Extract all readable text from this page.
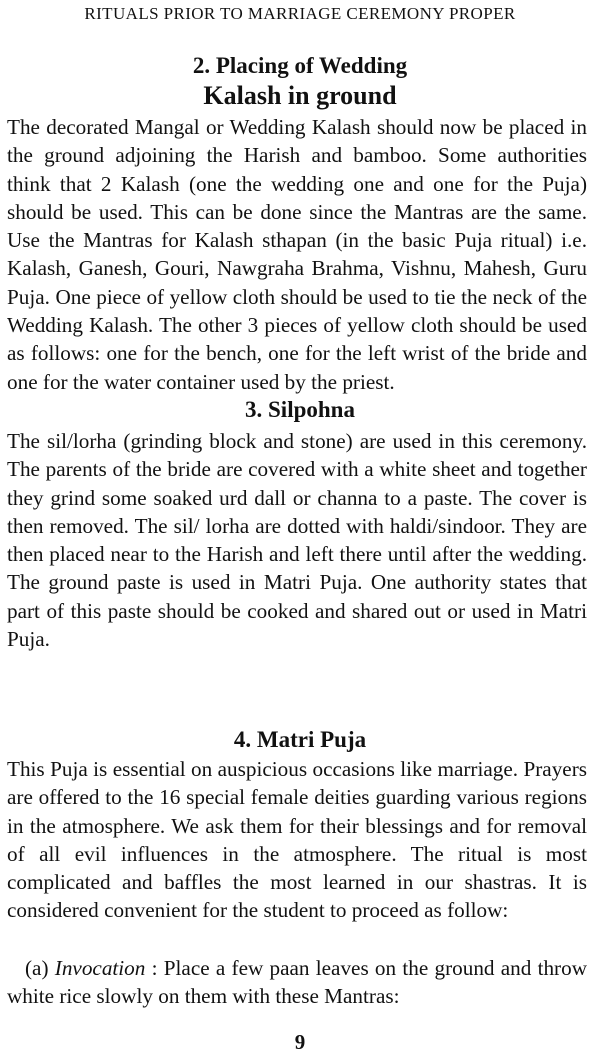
RITUALS PRIOR TO MARRIAGE CEREMONY PROPER
2. Placing of Wedding
Kalash in ground

The decorated Mangal or Wedding Kalash should now be placed in the ground adjoining the Harish and bamboo. Some authorities think that 2 Kalash (one the wedding one and one for the Puja) should be used. This can be done since the Mantras are the same. Use the Mantras for Kalash sthapan (in the basic Puja ritual) i.e. Kalash, Ganesh, Gouri, Nawgraha Brahma, Vishnu, Mahesh, Guru Puja. One piece of yellow cloth should be used to tie the neck of the Wedding Kalash. The other 3 pieces of yellow cloth should be used as follows: one for the bench, one for the left wrist of the bride and one for the water container used by the priest.

3. Silpohna

The sil/lorha (grinding block and stone) are used in this ceremony. The parents of the bride are covered with a white sheet and together they grind some soaked urd dall or channa to a paste. The cover is then removed. The sil/ lorha are dotted with haldi/sindoor. They are then placed near to the Harish and left there until after the wedding. The ground paste is used in Matri Puja. One authority states that part of this paste should be cooked and shared out or used in Matri Puja.

4. Matri Puja

This Puja is essential on auspicious occasions like marriage. Prayers are offered to the 16 special female deities guarding various regions in the atmosphere. We ask them for their blessings and for removal of all evil influences in the atmosphere. The ritual is most complicated and baffles the most learned in our shastras. It is considered convenient for the student to proceed as follow:

(a) Invocation : Place a few paan leaves on the ground and throw white rice slowly on them with these Mantras:

9
